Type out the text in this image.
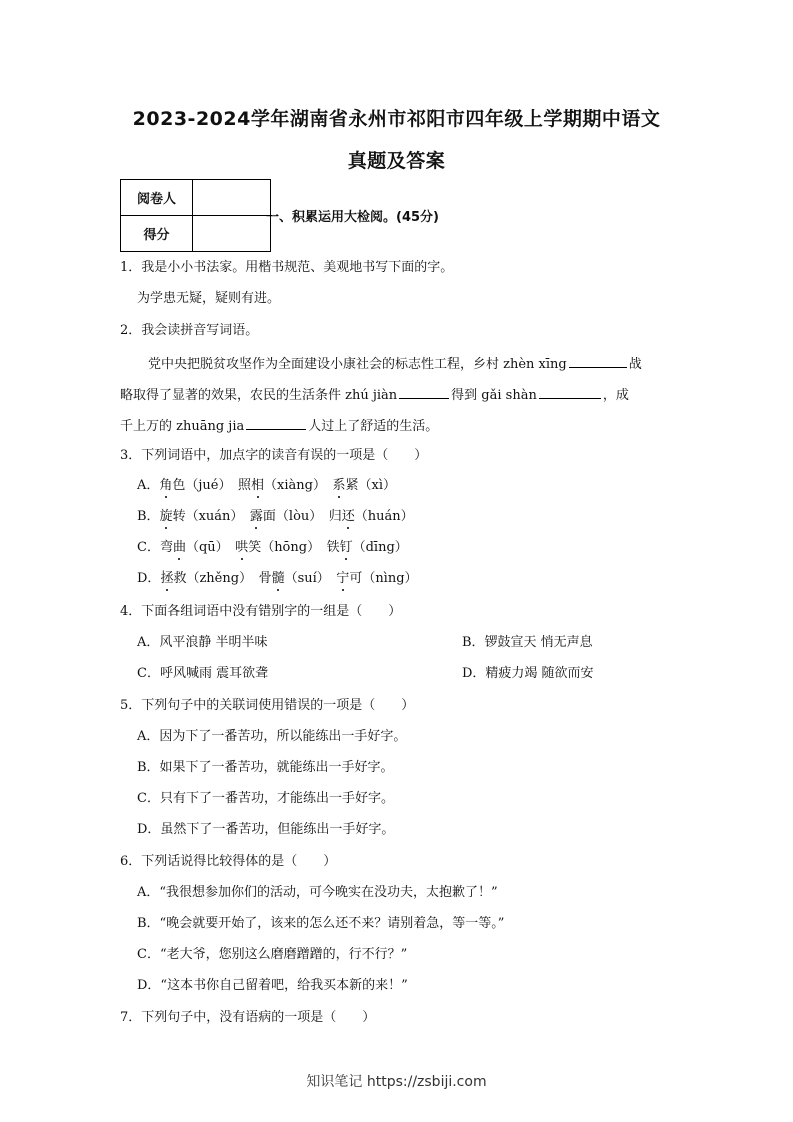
2023-2024学年湖南省永州市祁阳市四年级上学期期中语文
真题及答案
阅卷人	
得分	
一、积累运用大检阅。(45分)
1．我是小小书法家。用楷书规范、美观地书写下面的字。
为学患无疑，疑则有进。
2．我会读拼音写词语。
党中央把脱贫攻坚作为全面建设小康社会的标志性工程，乡村 zhèn xīng	战
略取得了显著的效果，农民的生活条件 zhú jiàn	得到 gǎi shàn	，成
千上万的 zhuāng jia	人过上了舒适的生活。
3．下列词语中，加点字的读音有误的一项是（　　）
A．角色（jué）　照相（xiàng）　系紧（xì）
B．旋转（xuán）　露面（lòu）　归还（huán）
C．弯曲（qū）　哄笑（hōng）　铁钉（dīng）
D．拯救（zhěng）　骨髓（suí）　宁可（nìng）
4．下面各组词语中没有错别字的一组是（　　）
A．风平浪静 半明半味	B．锣鼓宣天 悄无声息
C．呼风喊雨 震耳欲聋	D．精疲力竭 随欲而安
5．下列句子中的关联词使用错误的一项是（　　）
A．因为下了一番苦功，所以能练出一手好字。
B．如果下了一番苦功，就能练出一手好字。
C．只有下了一番苦功，才能练出一手好字。
D．虽然下了一番苦功，但能练出一手好字。
6．下列话说得比较得体的是（　　）
A．“我很想参加你们的活动，可今晚实在没功夫，太抱歉了！”
B．“晚会就要开始了，该来的怎么还不来？请别着急，等一等。”
C．“老大爷，您别这么磨磨蹭蹭的，行不行？”
D．“这本书你自己留着吧，给我买本新的来！”
7．下列句子中，没有语病的一项是（　　）
知识笔记 https://zsbiji.com
